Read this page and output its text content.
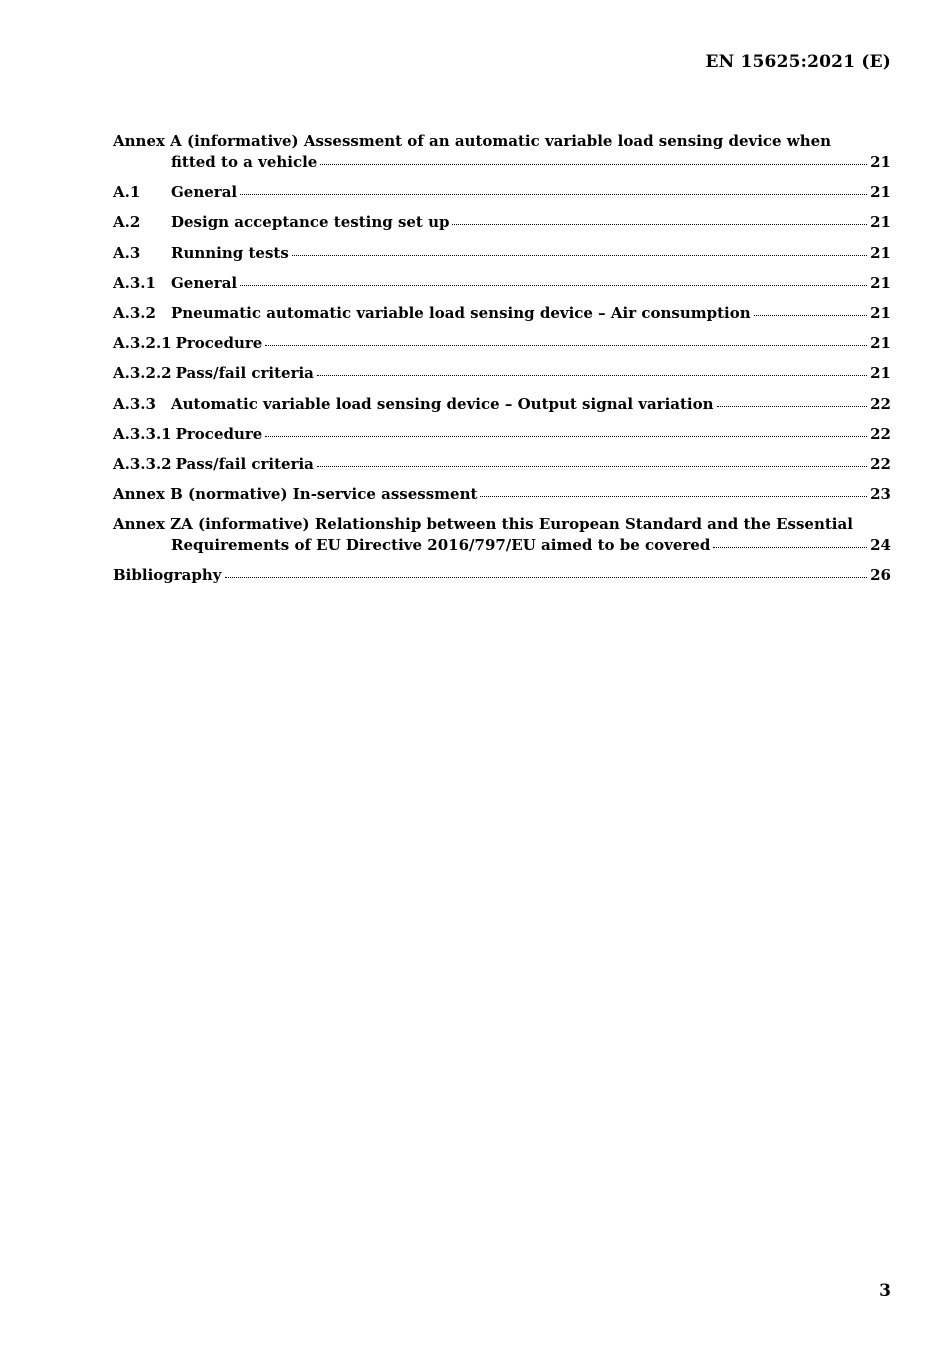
EN 15625:2021 (E)
Annex A (informative) Assessment of an automatic variable load sensing device when
fitted to a vehicle	21
A.1	General	21
A.2	Design acceptance testing set up	21
A.3	Running tests	21
A.3.1	General	21
A.3.2	Pneumatic automatic variable load sensing device – Air consumption	21
A.3.2.1 Procedure	21
A.3.2.2 Pass/fail criteria	21
A.3.3	Automatic variable load sensing device – Output signal variation	22
A.3.3.1 Procedure	22
A.3.3.2 Pass/fail criteria	22
Annex B (normative) In-service assessment	23
Annex ZA (informative) Relationship between this European Standard and the Essential
Requirements of EU Directive 2016/797/EU aimed to be covered	24
Bibliography	26
3
